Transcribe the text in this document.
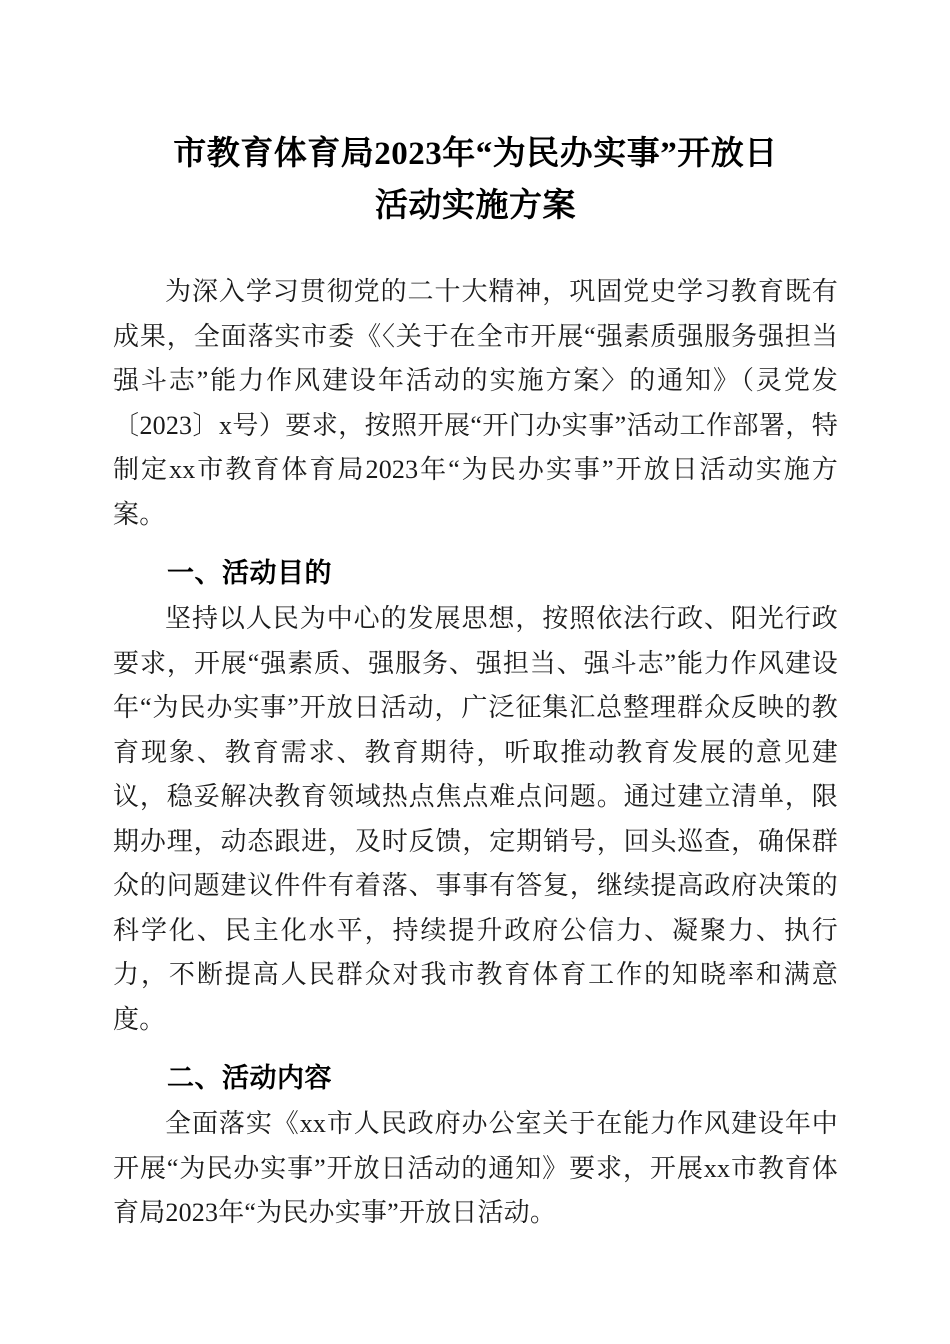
市教育体育局2023年“为民办实事”开放日
活动实施方案

为深入学习贯彻党的二十大精神，巩固党史学习教育既有成果，全面落实市委《〈关于在全市开展“强素质强服务强担当强斗志”能力作风建设年活动的实施方案〉的通知》（灵党发〔2023〕x号）要求，按照开展“开门办实事”活动工作部署，特制定xx市教育体育局2023年“为民办实事”开放日活动实施方案。

一、活动目的

坚持以人民为中心的发展思想，按照依法行政、阳光行政要求，开展“强素质、强服务、强担当、强斗志”能力作风建设年“为民办实事”开放日活动，广泛征集汇总整理群众反映的教育现象、教育需求、教育期待，听取推动教育发展的意见建议，稳妥解决教育领域热点焦点难点问题。通过建立清单，限期办理，动态跟进，及时反馈，定期销号，回头巡查，确保群众的问题建议件件有着落、事事有答复，继续提高政府决策的科学化、民主化水平，持续提升政府公信力、凝聚力、执行力，不断提高人民群众对我市教育体育工作的知晓率和满意度。

二、活动内容

全面落实《xx市人民政府办公室关于在能力作风建设年中开展“为民办实事”开放日活动的通知》要求，开展xx市教育体育局2023年“为民办实事”开放日活动。
